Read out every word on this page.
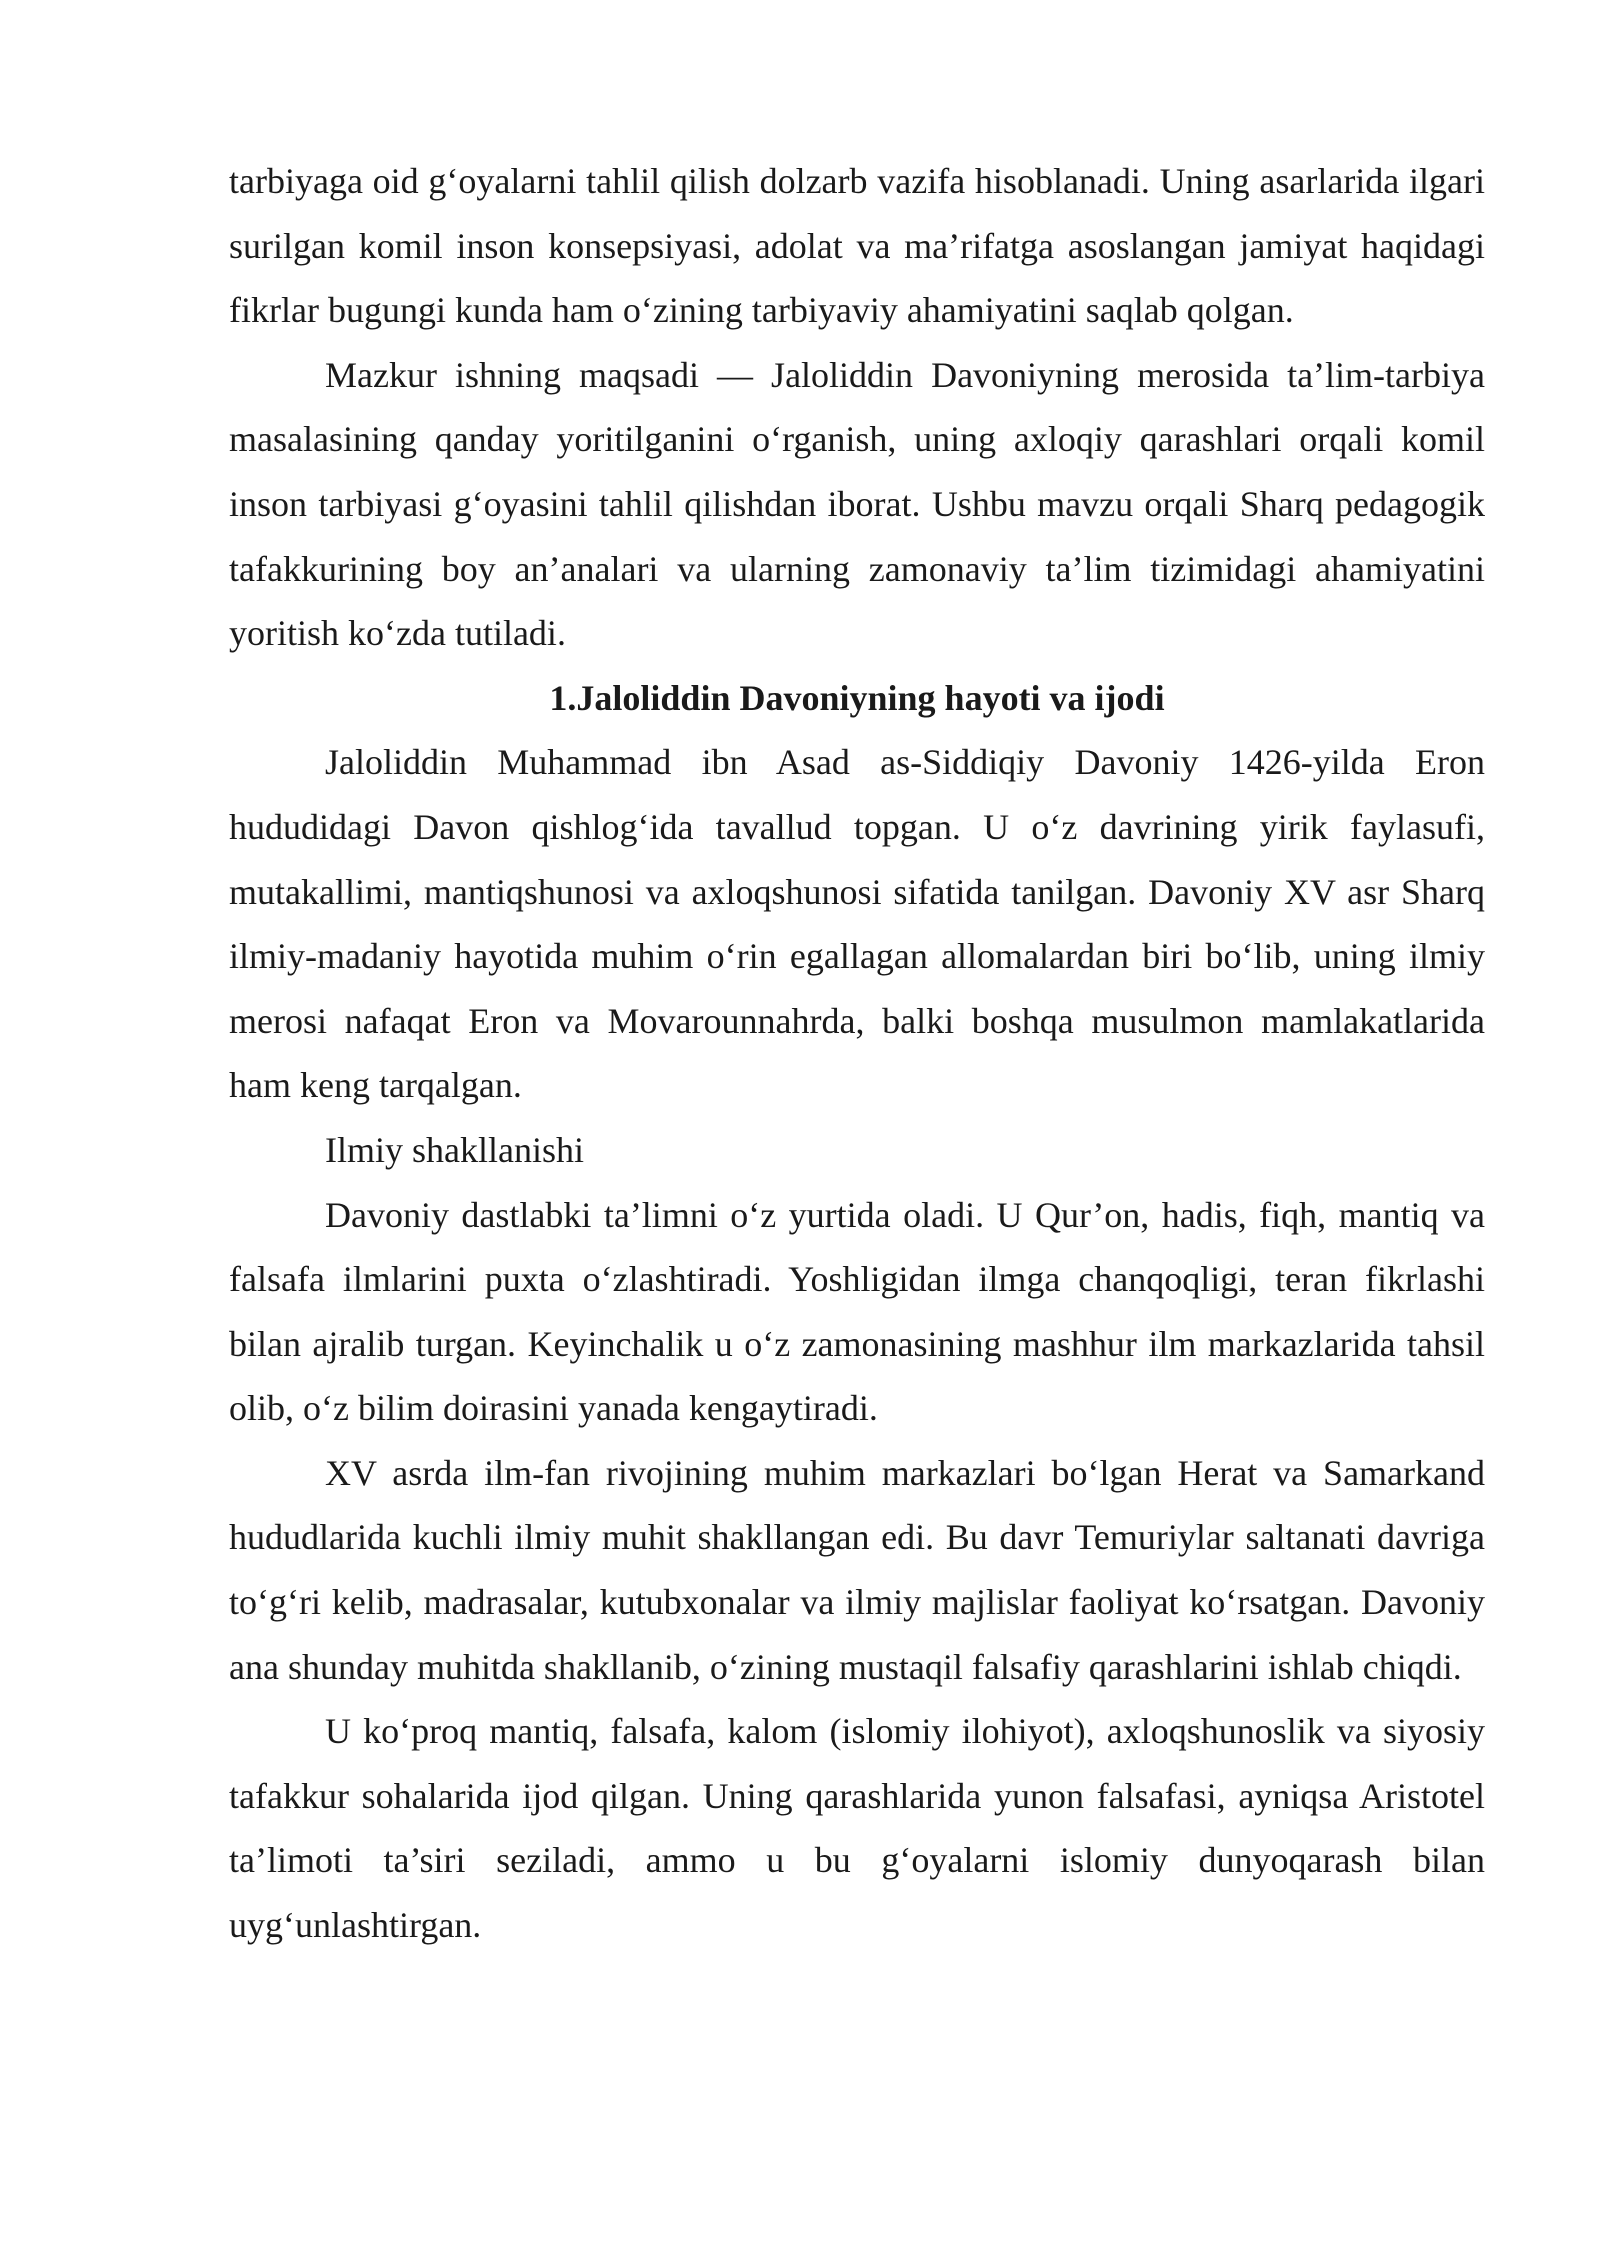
tarbiyaga oid g‘oyalarni tahlil qilish dolzarb vazifa hisoblanadi. Uning asarlarida ilgari surilgan komil inson konsepsiyasi, adolat va ma’rifatga asoslangan jamiyat haqidagi fikrlar bugungi kunda ham o‘zining tarbiyaviy ahamiyatini saqlab qolgan.

Mazkur ishning maqsadi — Jaloliddin Davoniyning merosida ta’lim-tarbiya masalasining qanday yoritilganini o‘rganish, uning axloqiy qarashlari orqali komil inson tarbiyasi g‘oyasini tahlil qilishdan iborat. Ushbu mavzu orqali Sharq pedagogik tafakkurining boy an’analari va ularning zamonaviy ta’lim tizimidagi ahamiyatini yoritish ko‘zda tutiladi.

1.Jaloliddin Davoniyning hayoti va ijodi

Jaloliddin Muhammad ibn Asad as-Siddiqiy Davoniy 1426-yilda Eron hududidagi Davon qishlog‘ida tavallud topgan. U o‘z davrining yirik faylasufi, mutakallimi, mantiqshunosi va axloqshunosi sifatida tanilgan. Davoniy XV asr Sharq ilmiy-madaniy hayotida muhim o‘rin egallagan allomalardan biri bo‘lib, uning ilmiy merosi nafaqat Eron va Movarounnahrda, balki boshqa musulmon mamlakatlarida ham keng tarqalgan.

Ilmiy shakllanishi

Davoniy dastlabki ta’limni o‘z yurtida oladi. U Qur’on, hadis, fiqh, mantiq va falsafa ilmlarini puxta o‘zlashtiradi. Yoshligidan ilmga chanqoqligi, teran fikrlashi bilan ajralib turgan. Keyinchalik u o‘z zamonasining mashhur ilm markazlarida tahsil olib, o‘z bilim doirasini yanada kengaytiradi.

XV asrda ilm-fan rivojining muhim markazlari bo‘lgan Herat va Samarkand hududlarida kuchli ilmiy muhit shakllangan edi. Bu davr Temuriylar saltanati davriga to‘g‘ri kelib, madrasalar, kutubxonalar va ilmiy majlislar faoliyat ko‘rsatgan. Davoniy ana shunday muhitda shakllanib, o‘zining mustaqil falsafiy qarashlarini ishlab chiqdi.

U ko‘proq mantiq, falsafa, kalom (islomiy ilohiyot), axloqshunoslik va siyosiy tafakkur sohalarida ijod qilgan. Uning qarashlarida yunon falsafasi, ayniqsa Aristotel ta’limoti ta’siri seziladi, ammo u bu g‘oyalarni islomiy dunyoqarash bilan uyg‘unlashtirgan.
